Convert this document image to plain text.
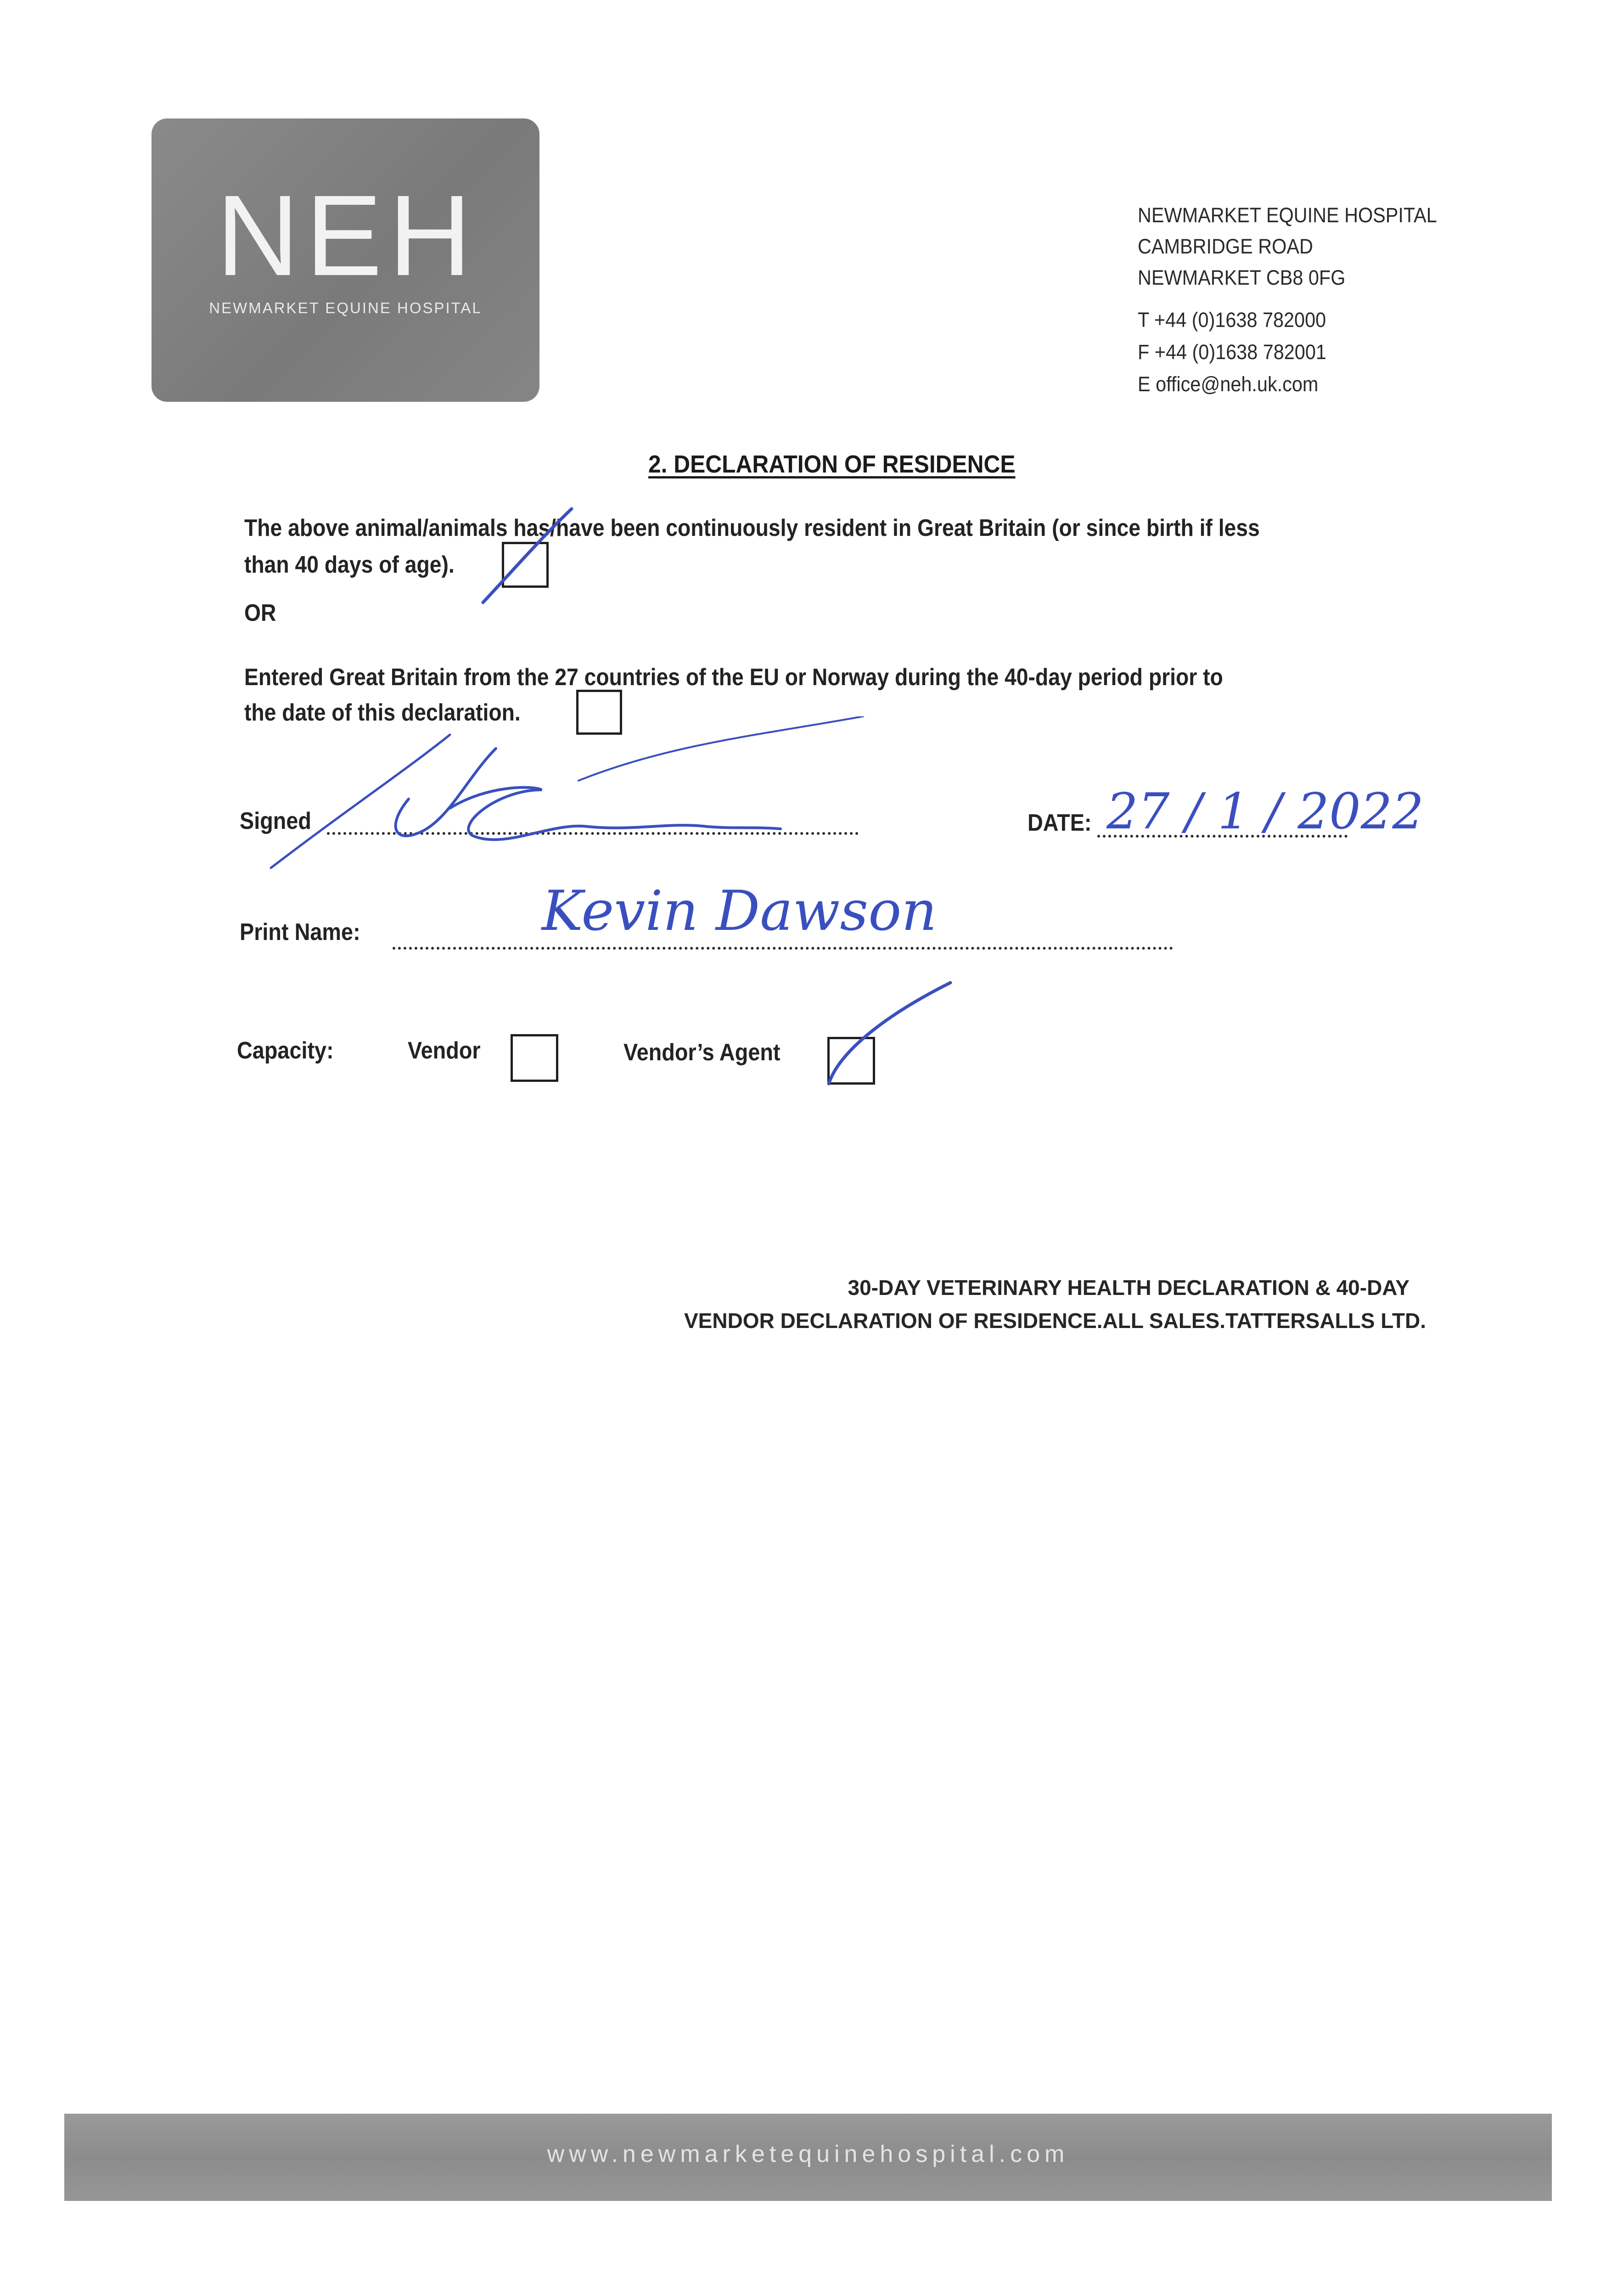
NEH
NEWMARKET EQUINE HOSPITAL
NEWMARKET EQUINE HOSPITAL
CAMBRIDGE ROAD
NEWMARKET CB8 0FG
T +44 (0)1638 782000
F +44 (0)1638 782001
E office@neh.uk.com
2. DECLARATION OF RESIDENCE
The above animal/animals has/have been continuously resident in Great Britain (or since birth if less
than 40 days of age).
OR
Entered Great Britain from the 27 countries of the EU or Norway during the 40-day period prior to
the date of this declaration.
Signed	DATE: 27 / 1 / 2022
Print Name:	Kevin Dawson
Capacity:	Vendor	Vendor’s Agent
30-DAY VETERINARY HEALTH DECLARATION & 40-DAY
VENDOR DECLARATION OF RESIDENCE.ALL SALES.TATTERSALLS LTD.
www.newmarketequinehospital.com
